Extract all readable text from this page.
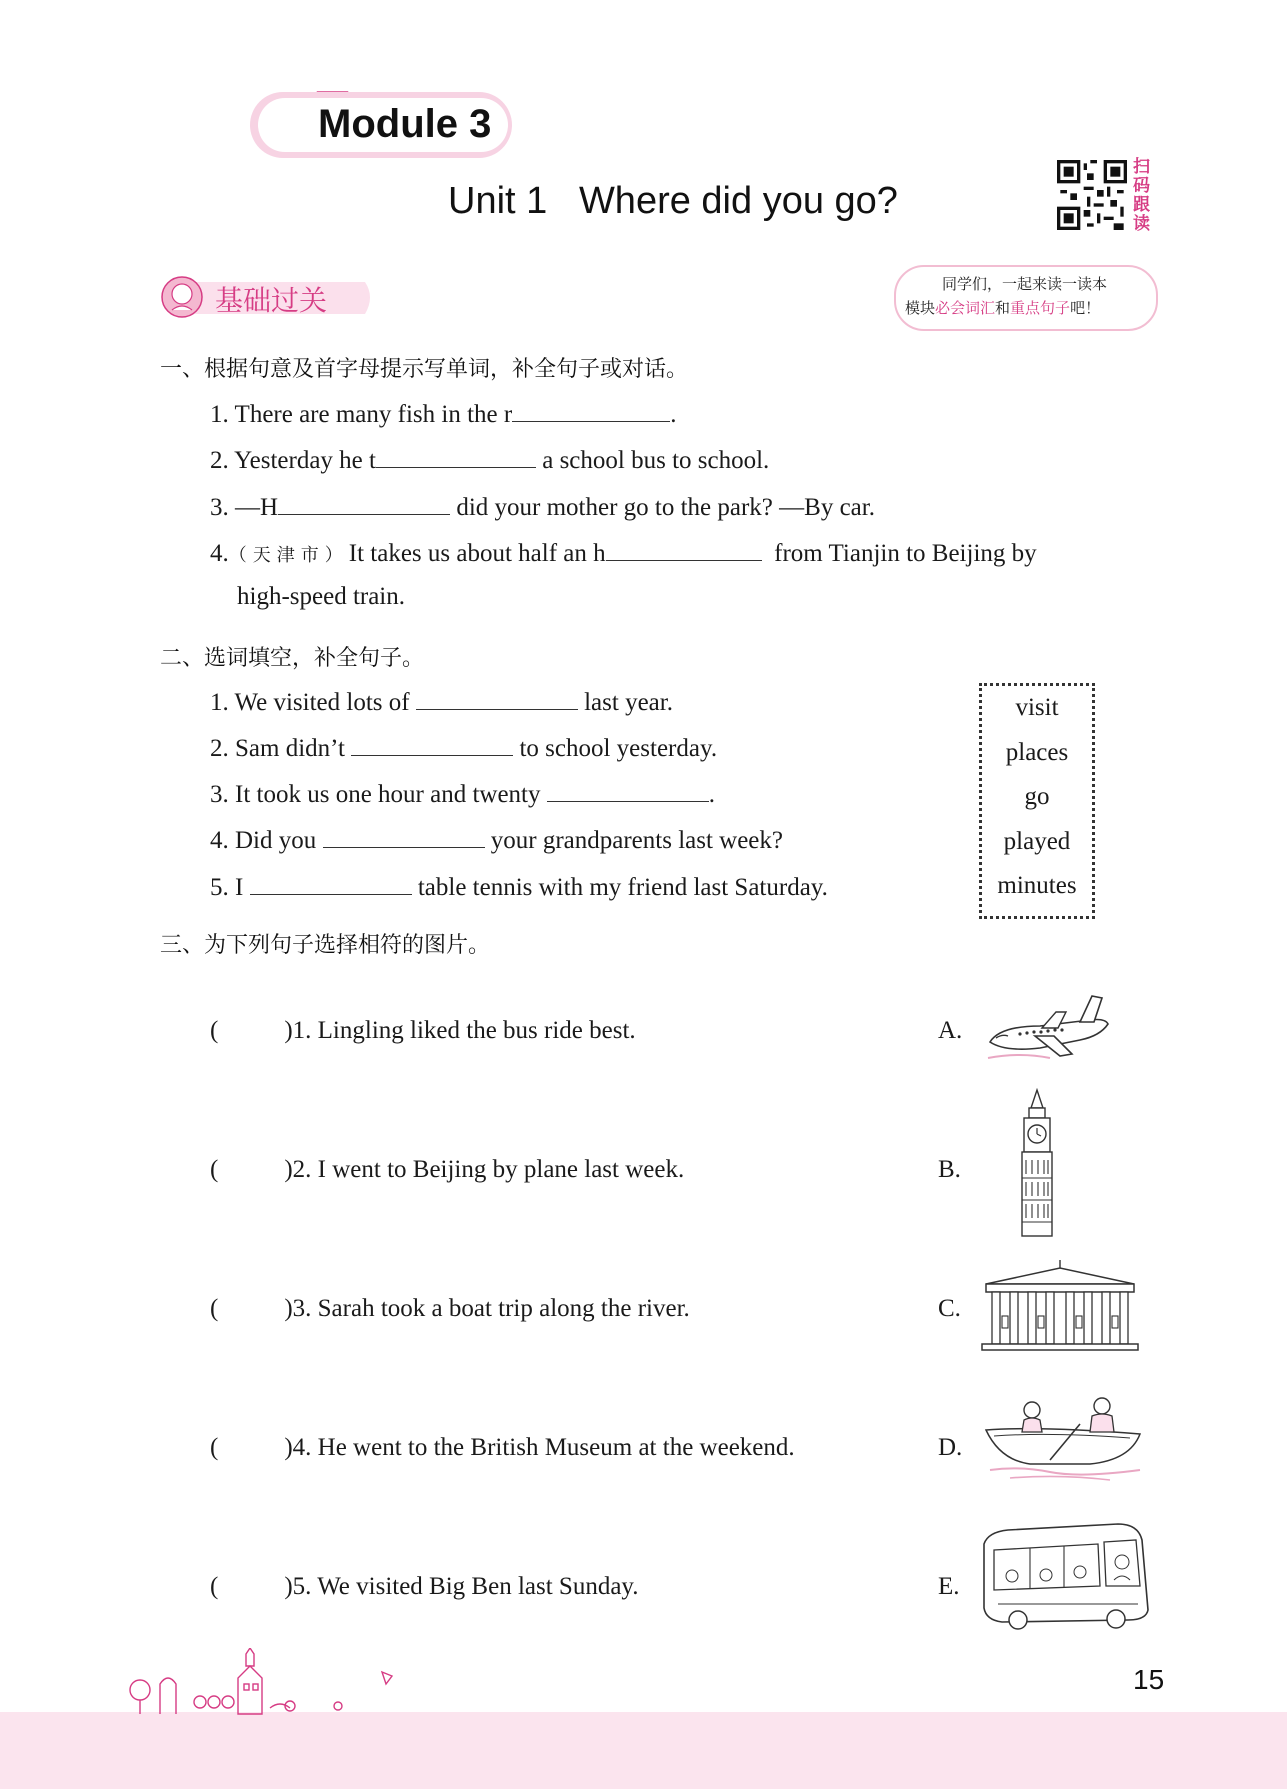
Module 3
Unit 1   Where did you go?
扫码跟读
同学们，一起来读一读本
模块必会词汇和重点句子吧！
基础过关
一、根据句意及首字母提示写单词，补全句子或对话。
1. There are many fish in the r	.
2. Yesterday he t	a school bus to school.
3. —H	did your mother go to the park? —By car.
4.（天津市）It takes us about half an h	from Tianjin to Beijing by
high-speed train.
二、选词填空，补全句子。
1. We visited lots of	last year.
2. Sam didn’t	to school yesterday.
3. It took us one hour and twenty	.
4. Did you	your grandparents last week?
5. I	table tennis with my friend last Saturday.
visit
places
go
played
minutes
三、为下列句子选择相符的图片。
(	)1. Lingling liked the bus ride best.
(	)2. I went to Beijing by plane last week.
(	)3. Sarah took a boat trip along the river.
(	)4. He went to the British Museum at the weekend.
(	)5. We visited Big Ben last Sunday.
A.
B.
C.
D.
E.
15
